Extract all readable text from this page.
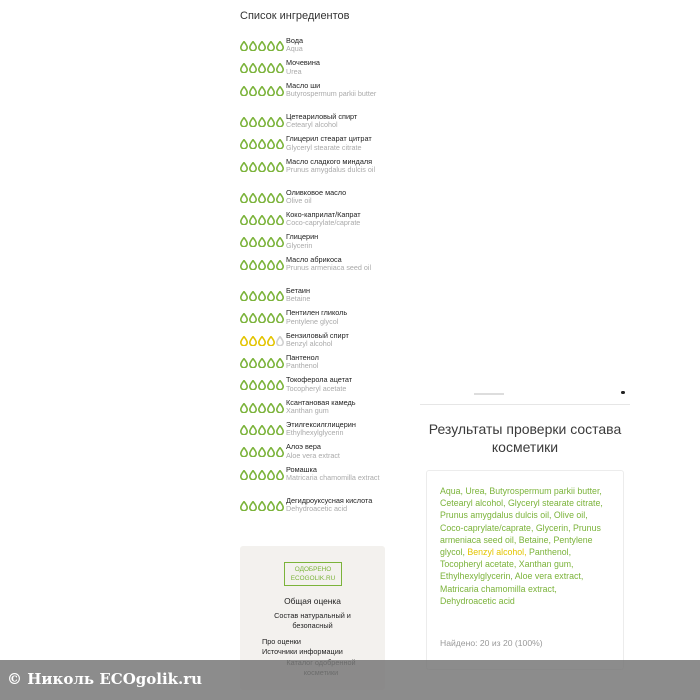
Список ингредиентов
Вода
Aqua
Мочевина
Urea
Масло ши
Butyrospermum parkii butter
Цетеариловый спирт
Cetearyl alcohol
Глицерил стеарат цитрат
Glyceryl stearate citrate
Масло сладкого миндаля
Prunus amygdalus dulcis oil
Оливковое масло
Olive oil
Коко-каприлат/Капрат
Coco-caprylate/caprate
Глицерин
Glycerin
Масло абрикоса
Prunus armeniaca seed oil
Бетаин
Betaine
Пентилен гликоль
Pentylene glycol
Бензиловый спирт
Benzyl alcohol
Пантенол
Panthenol
Токоферола ацетат
Tocopheryl acetate
Ксантановая камедь
Xanthan gum
Этилгексилглицерин
Ethylhexylglycerin
Алоэ вера
Aloe vera extract
Ромашка
Matricaria chamomilla extract
Дегидроуксусная кислота
Dehydroacetic acid
ОДОБРЕНО
ECOGOLIK.RU
Общая оценка
Состав натуральный и безопасный
Про оценки
Источники информации
Результаты проверки состава косметики
Aqua, Urea, Butyrospermum parkii butter, Cetearyl alcohol, Glyceryl stearate citrate, Prunus amygdalus dulcis oil, Olive oil, Coco-caprylate/caprate, Glycerin, Prunus armeniaca seed oil, Betaine, Pentylene glycol, Benzyl alcohol, Panthenol, Tocopheryl acetate, Xanthan gum, Ethylhexylglycerin, Aloe vera extract, Matricaria chamomilla extract, Dehydroacetic acid
Найдено: 20 из 20 (100%)
© Николь ECOgolik.ru
